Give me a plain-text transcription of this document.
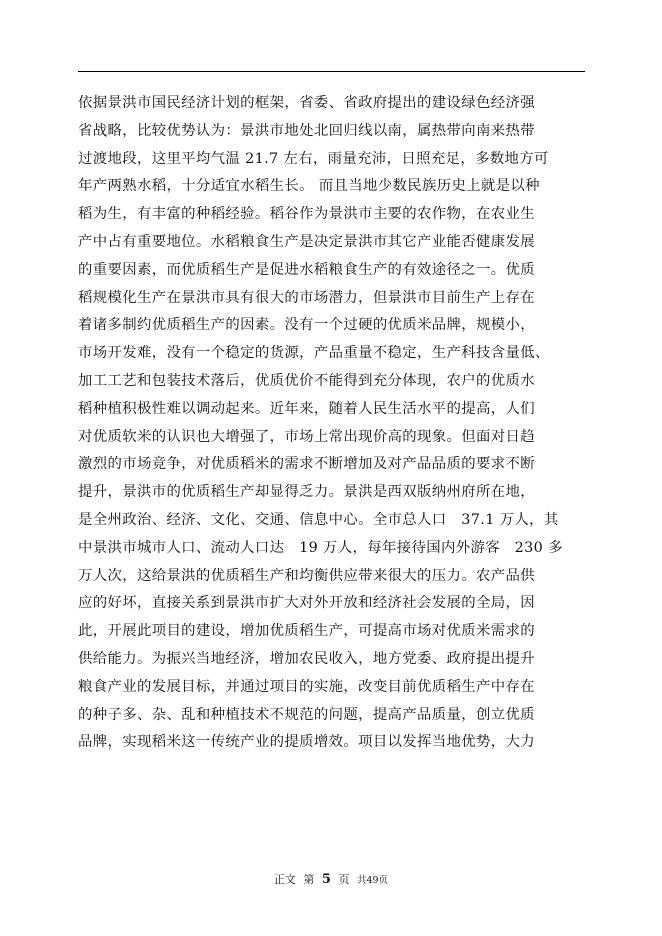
依据景洪市国民经济计划的框架，省委、省政府提出的建设绿色经济强
省战略，比较优势认为：景洪市地处北回归线以南，属热带向南来热带
过渡地段，这里平均气温 21.7 左右，雨量充沛，日照充足，多数地方可
年产两熟水稻，十分适宜水稻生长。 而且当地少数民族历史上就是以种
稻为生，有丰富的种稻经验。稻谷作为景洪市主要的农作物，在农业生
产中占有重要地位。水稻粮食生产是决定景洪市其它产业能否健康发展
的重要因素，而优质稻生产是促进水稻粮食生产的有效途径之一。优质
稻规模化生产在景洪市具有很大的市场潜力，但景洪市目前生产上存在
着诸多制约优质稻生产的因素。没有一个过硬的优质米品牌，规模小，
市场开发难，没有一个稳定的货源，产品重量不稳定，生产科技含量低、
加工工艺和包装技术落后，优质优价不能得到充分体现，农户的优质水
稻种植积极性难以调动起来。近年来，随着人民生活水平的提高，人们
对优质软米的认识也大增强了，市场上常出现价高的现象。但面对日趋
激烈的市场竞争，对优质稻米的需求不断增加及对产品品质的要求不断
提升，景洪市的优质稻生产却显得乏力。景洪是西双版纳州府所在地，
是全州政治、经济、文化、交通、信息中心。全市总人口　37.1 万人，其
中景洪市城市人口、流动人口达　19 万人，每年接待国内外游客　230 多
万人次，这给景洪的优质稻生产和均衡供应带来很大的压力。农产品供
应的好坏，直接关系到景洪市扩大对外开放和经济社会发展的全局，因
此，开展此项目的建设，增加优质稻生产，可提高市场对优质米需求的
供给能力。为振兴当地经济，增加农民收入，地方党委、政府提出提升
粮食产业的发展目标，并通过项目的实施，改变目前优质稻生产中存在
的种子多、杂、乱和种植技术不规范的问题，提高产品质量，创立优质
品牌，实现稻米这一传统产业的提质增效。项目以发挥当地优势，大力
正文 第 5 页 共49页
